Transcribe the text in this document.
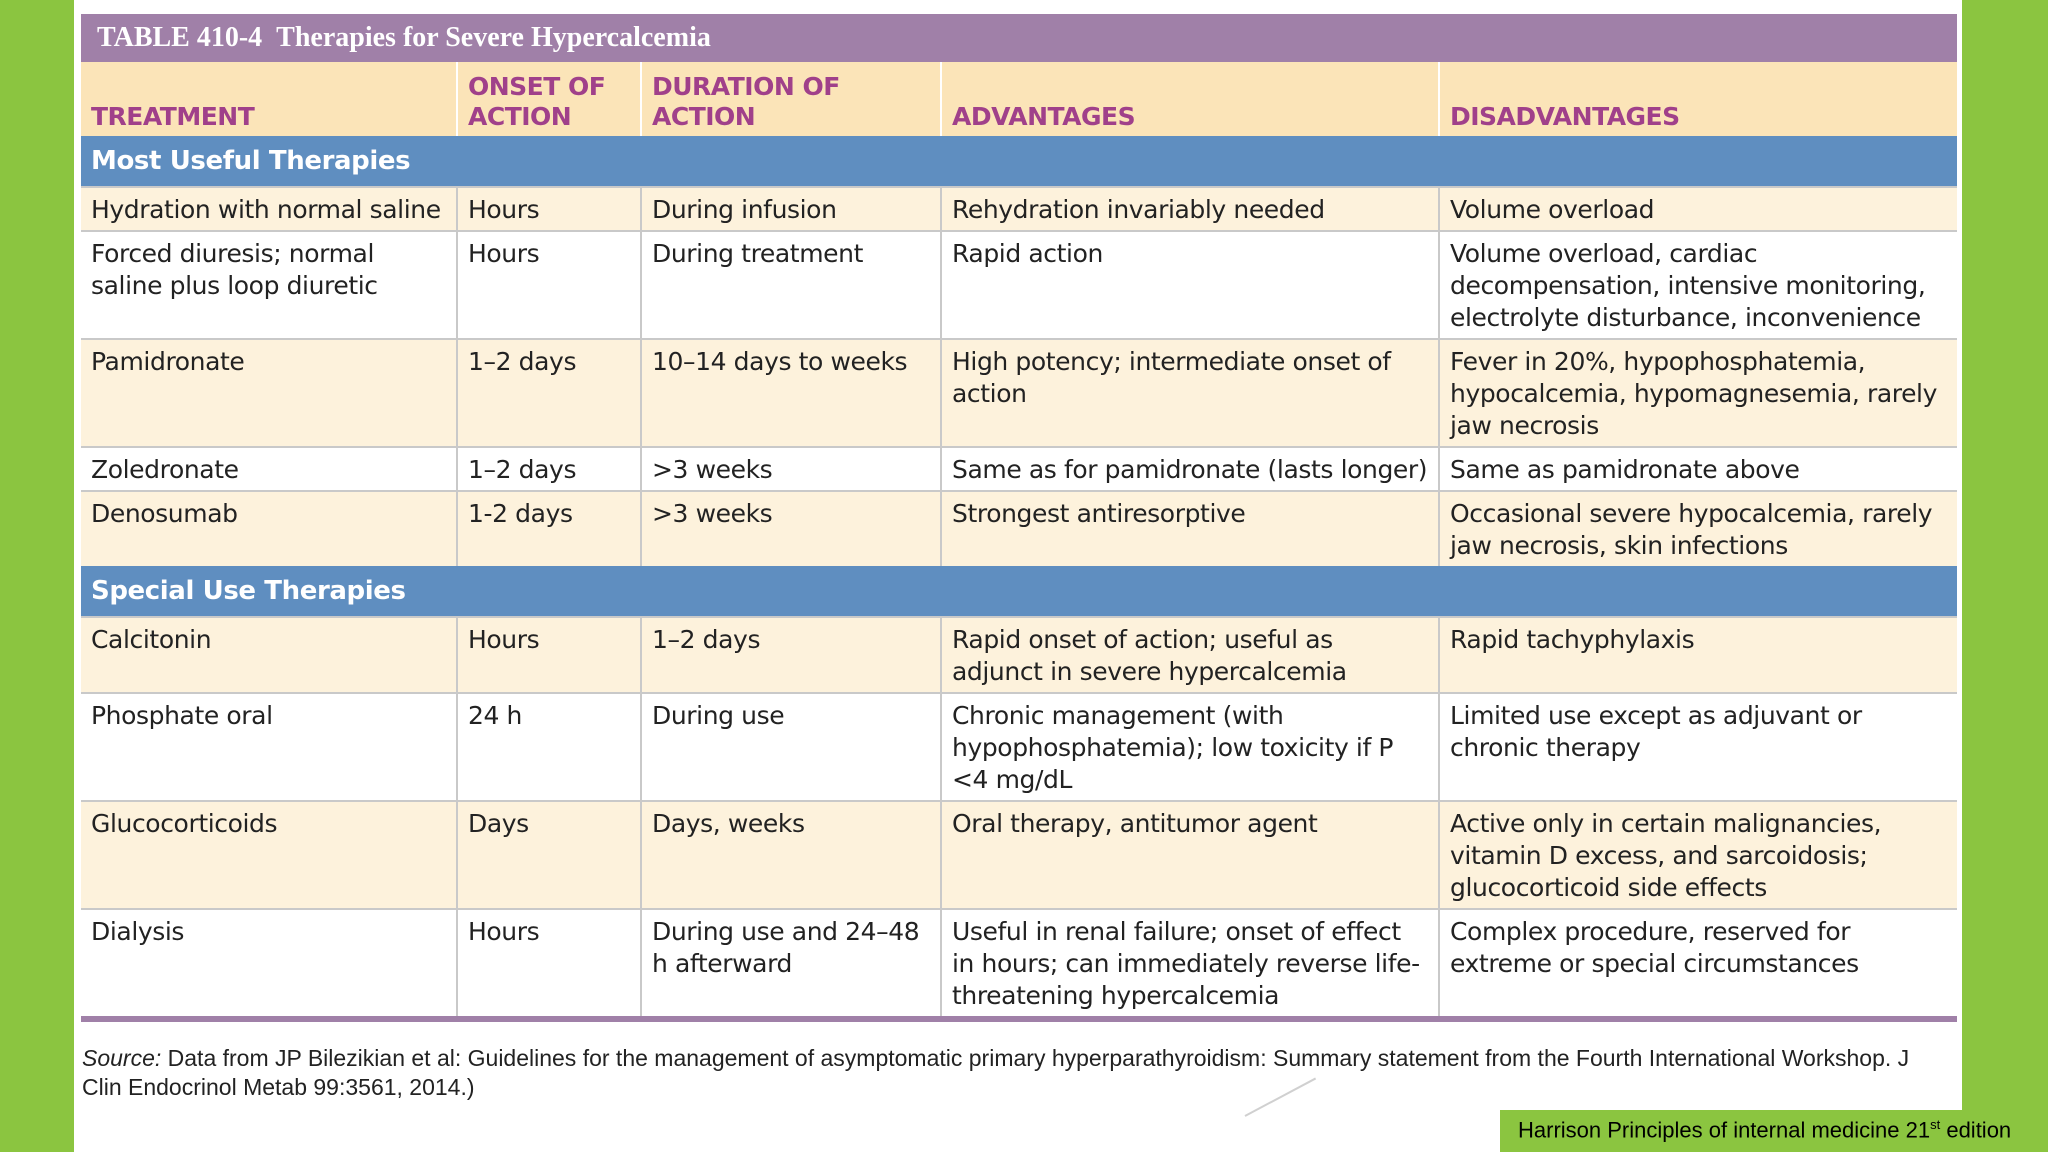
TABLE 410-4 Therapies for Severe Hypercalcemia
TREATMENT	ONSET OF ACTION	DURATION OF ACTION	ADVANTAGES	DISADVANTAGES
Most Useful Therapies				
Hydration with normal saline	Hours	During infusion	Rehydration invariably needed	Volume overload
Forced diuresis; normal saline plus loop diuretic	Hours	During treatment	Rapid action	Volume overload, cardiac decompensation, intensive monitoring, electrolyte disturbance, inconvenience
Pamidronate	1–2 days	10–14 days to weeks	High potency; intermediate onset of action	Fever in 20%, hypophosphatemia, hypocalcemia, hypomagnesemia, rarely jaw necrosis
Zoledronate	1–2 days	>3 weeks	Same as for pamidronate (lasts longer)	Same as pamidronate above
Denosumab	1-2 days	>3 weeks	Strongest antiresorptive	Occasional severe hypocalcemia, rarely jaw necrosis, skin infections
Special Use Therapies				
Calcitonin	Hours	1–2 days	Rapid onset of action; useful as adjunct in severe hypercalcemia	Rapid tachyphylaxis
Phosphate oral	24 h	During use	Chronic management (with hypophosphatemia); low toxicity if P <4 mg/dL	Limited use except as adjuvant or chronic therapy
Glucocorticoids	Days	Days, weeks	Oral therapy, antitumor agent	Active only in certain malignancies, vitamin D excess, and sarcoidosis; glucocorticoid side effects
Dialysis	Hours	During use and 24–48 h afterward	Useful in renal failure; onset of effect in hours; can immediately reverse life-threatening hypercalcemia	Complex procedure, reserved for extreme or special circumstances
Source: Data from JP Bilezikian et al: Guidelines for the management of asymptomatic primary hyperparathyroidism: Summary statement from the Fourth International Workshop. J Clin Endocrinol Metab 99:3561, 2014.)
Harrison Principles of internal medicine 21st edition
